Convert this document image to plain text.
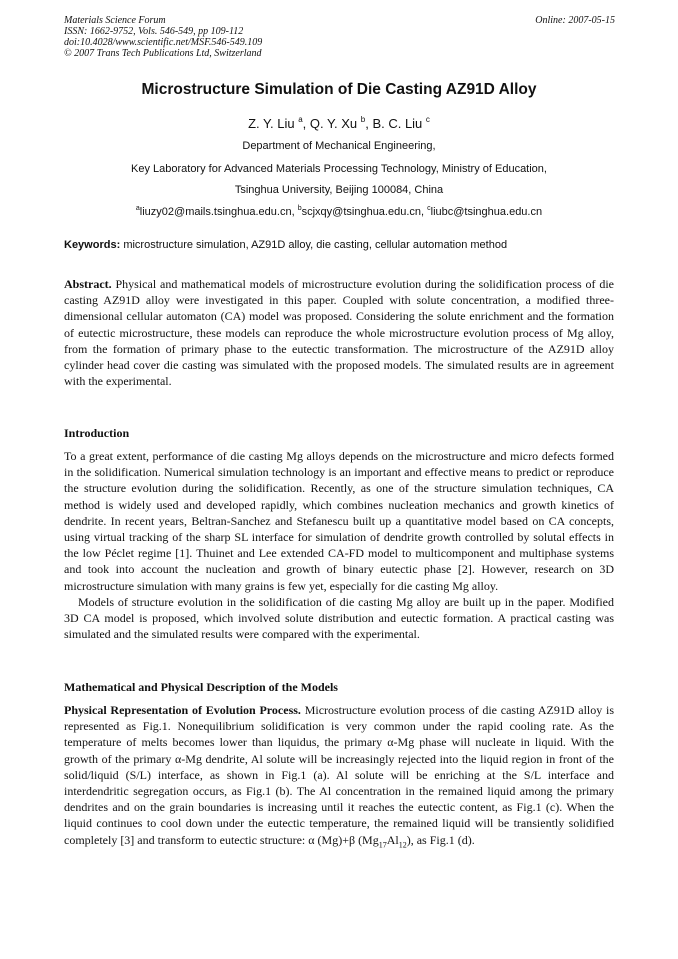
Materials Science Forum
ISSN: 1662-9752, Vols. 546-549, pp 109-112
doi:10.4028/www.scientific.net/MSF.546-549.109
© 2007 Trans Tech Publications Ltd, Switzerland
Online: 2007-05-15
Microstructure Simulation of Die Casting AZ91D Alloy
Z. Y. Liu $^a$, Q. Y. Xu $^b$, B. C. Liu $^c$
Department of Mechanical Engineering,
Key Laboratory for Advanced Materials Processing Technology, Ministry of Education,
Tsinghua University, Beijing 100084, China
$^a$liuzy02@mails.tsinghua.edu.cn, $^b$scjxqy@tsinghua.edu.cn, $^c$liubc@tsinghua.edu.cn
Keywords: microstructure simulation, AZ91D alloy, die casting, cellular automation method

Abstract. Physical and mathematical models of microstructure evolution during the solidification process of die casting AZ91D alloy were investigated in this paper. Coupled with solute concentration, a modified three-dimensional cellular automaton (CA) model was proposed. Considering the solute enrichment and the formation of eutectic microstructure, these models can reproduce the whole microstructure evolution process of Mg alloy, from the formation of primary phase to the eutectic transformation. The microstructure of the AZ91D alloy cylinder head cover die casting was simulated with the proposed models. The simulated results are in agreement with the experimental.

Introduction

To a great extent, performance of die casting Mg alloys depends on the microstructure and micro defects formed in the solidification. Numerical simulation technology is an important and effective means to predict or reproduce the structure evolution during the solidification. Recently, as one of the structure simulation techniques, CA method is widely used and developed rapidly, which combines nucleation mechanics and growth kinetics of dendrite. In recent years, Beltran-Sanchez and Stefanescu built up a quantitative model based on CA concepts, using virtual tracking of the sharp SL interface for simulation of dendrite growth controlled by solutal effects in the low Péclet regime [1]. Thuinet and Lee extended CA-FD model to multicomponent and multiphase systems and took into account the nucleation and growth of binary eutectic phase [2]. However, research on 3D microstructure simulation with many grains is few yet, especially for die casting Mg alloy.

Models of structure evolution in the solidification of die casting Mg alloy are built up in the paper. Modified 3D CA model is proposed, which involved solute distribution and eutectic formation. A practical casting was simulated and the simulated results were compared with the experimental.

Mathematical and Physical Description of the Models

Physical Representation of Evolution Process. Microstructure evolution process of die casting AZ91D alloy is represented as Fig.1. Nonequilibrium solidification is very common under the rapid cooling rate. As the temperature of melts becomes lower than liquidus, the primary α-Mg phase will nucleate in liquid. With the growth of the primary α-Mg dendrite, Al solute will be increasingly rejected into the liquid region in front of the solid/liquid (S/L) interface, as shown in Fig.1 (a). Al solute will be enriching at the S/L interface and interdendritic segregation occurs, as Fig.1 (b). The Al concentration in the remained liquid among the primary dendrites and on the grain boundaries is increasing until it reaches the eutectic content, as Fig.1 (c). When the liquid continues to cool down under the eutectic temperature, the remained liquid will be transiently solidified completely [3] and transform to eutectic structure: α (Mg)+β $(Mg_{17}Al_{12})$, as Fig.1 (d).
